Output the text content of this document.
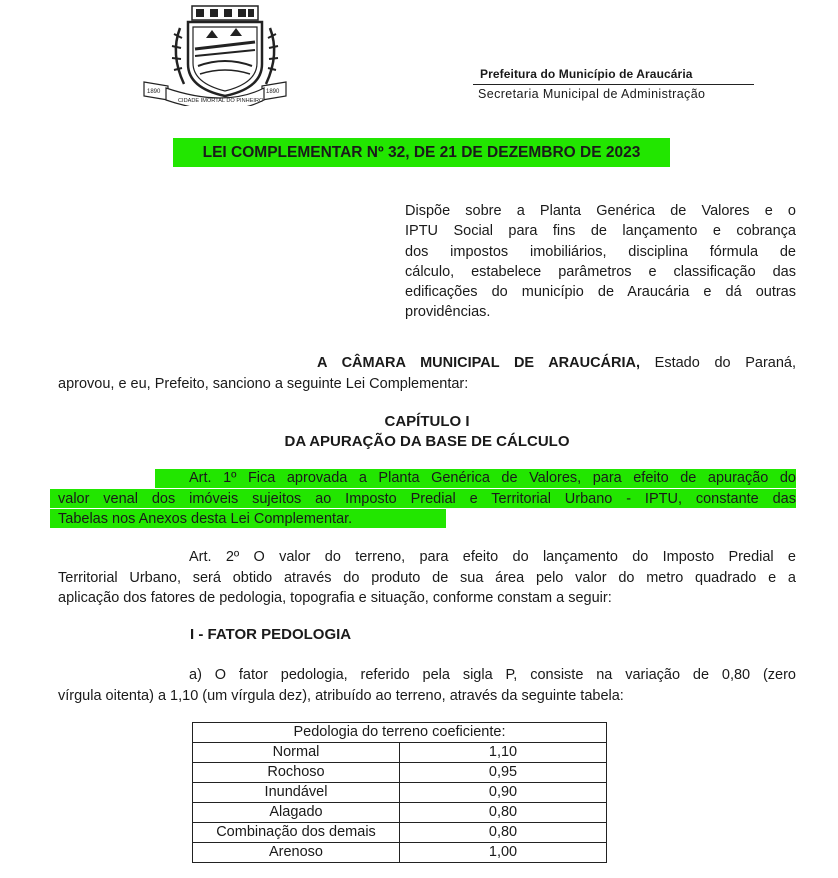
1890
CIDADE IMORTAL DO PINHEIRO
1890
Prefeitura do Município de Araucária
Secretaria Municipal de Administração
LEI COMPLEMENTAR Nº 32, DE 21 DE DEZEMBRO DE 2023
Dispõe sobre a Planta Genérica de Valores e o
IPTU Social para fins de lançamento e cobrança
dos impostos imobiliários, disciplina fórmula de
cálculo, estabelece parâmetros e classificação das
edificações do município de Araucária e dá outras
providências.
A CÂMARA MUNICIPAL DE ARAUCÁRIA, Estado do Paraná,
aprovou, e eu, Prefeito, sanciono a seguinte Lei Complementar:
CAPÍTULO I
DA APURAÇÃO DA BASE DE CÁLCULO
Art. 1º Fica aprovada a Planta Genérica de Valores, para efeito de apuração do
valor venal dos imóveis sujeitos ao Imposto Predial e Territorial Urbano - IPTU, constante das
Tabelas nos Anexos desta Lei Complementar.
Art. 2º O valor do terreno, para efeito do lançamento do Imposto Predial e
Territorial Urbano, será obtido através do produto de sua área pelo valor do metro quadrado e a
aplicação dos fatores de pedologia, topografia e situação, conforme constam a seguir:
I - FATOR PEDOLOGIA
a) O fator pedologia, referido pela sigla P, consiste na variação de 0,80 (zero
vírgula oitenta) a 1,10 (um vírgula dez), atribuído ao terreno, através da seguinte tabela:
Pedologia do terreno coeficiente:	
Normal	1,10
Rochoso	0,95
Inundável	0,90
Alagado	0,80
Combinação dos demais	0,80
Arenoso	1,00
